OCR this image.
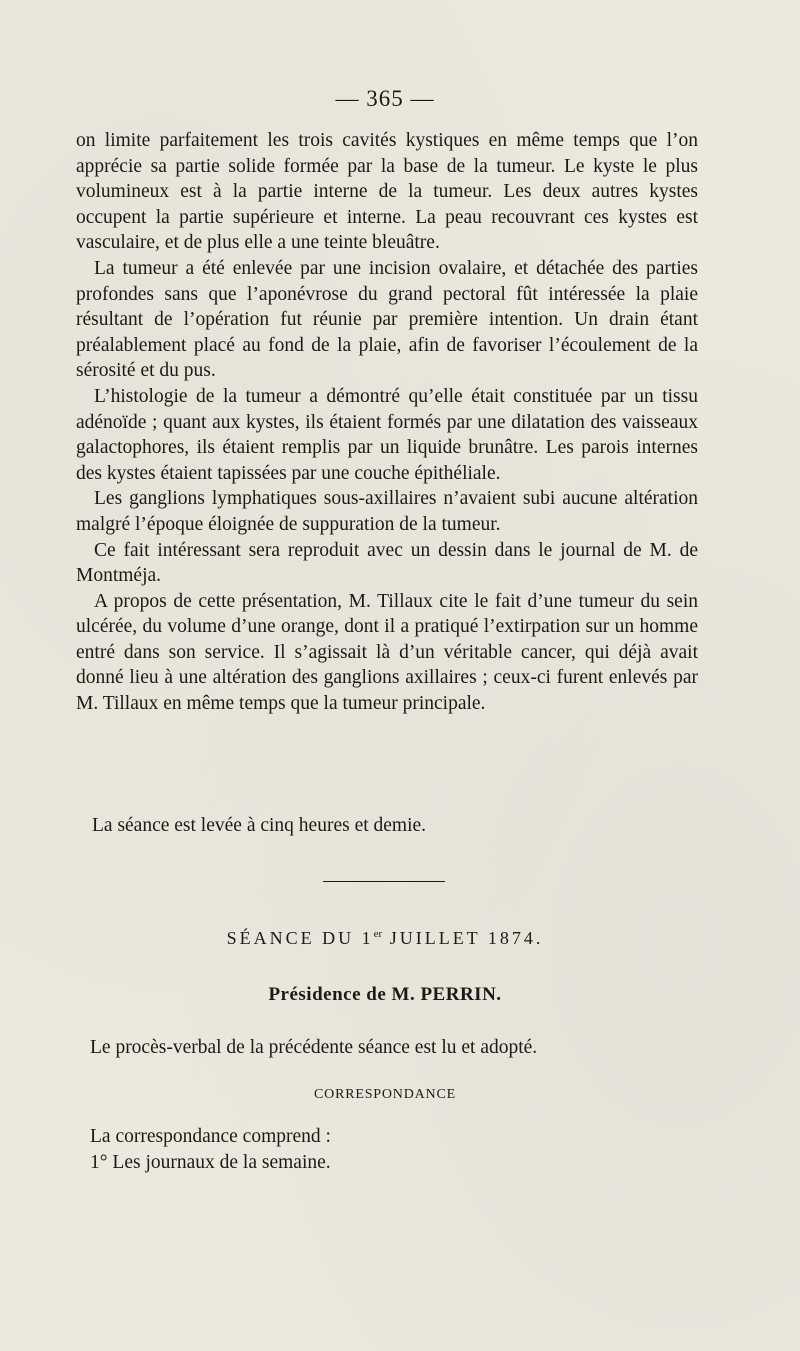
— 365 —

on limite parfaitement les trois cavités kystiques en même temps que l’on apprécie sa partie solide formée par la base de la tumeur. Le kyste le plus volumineux est à la partie interne de la tumeur. Les deux autres kystes occupent la partie supérieure et interne. La peau recouvrant ces kystes est vasculaire, et de plus elle a une teinte bleuâtre.

La tumeur a été enlevée par une incision ovalaire, et détachée des parties profondes sans que l’aponévrose du grand pectoral fût intéressée la plaie résultant de l’opération fut réunie par première intention. Un drain étant préalablement placé au fond de la plaie, afin de favoriser l’écoulement de la sérosité et du pus.

L’histologie de la tumeur a démontré qu’elle était constituée par un tissu adénoïde ; quant aux kystes, ils étaient formés par une dilatation des vaisseaux galactophores, ils étaient remplis par un liquide brunâtre. Les parois internes des kystes étaient tapissées par une couche épithéliale.

Les ganglions lymphatiques sous-axillaires n’avaient subi aucune altération malgré l’époque éloignée de suppuration de la tumeur.

Ce fait intéressant sera reproduit avec un dessin dans le journal de M. de Montméja.

A propos de cette présentation, M. Tillaux cite le fait d’une tumeur du sein ulcérée, du volume d’une orange, dont il a pratiqué l’extirpation sur un homme entré dans son service. Il s’agissait là d’un véritable cancer, qui déjà avait donné lieu à une altération des ganglions axillaires ; ceux-ci furent enlevés par M. Tillaux en même temps que la tumeur principale.

La séance est levée à cinq heures et demie.
SÉANCE DU 1er JUILLET 1874.
Présidence de M. PERRIN.
Le procès-verbal de la précédente séance est lu et adopté.
CORRESPONDANCE
La correspondance comprend :
1° Les journaux de la semaine.
